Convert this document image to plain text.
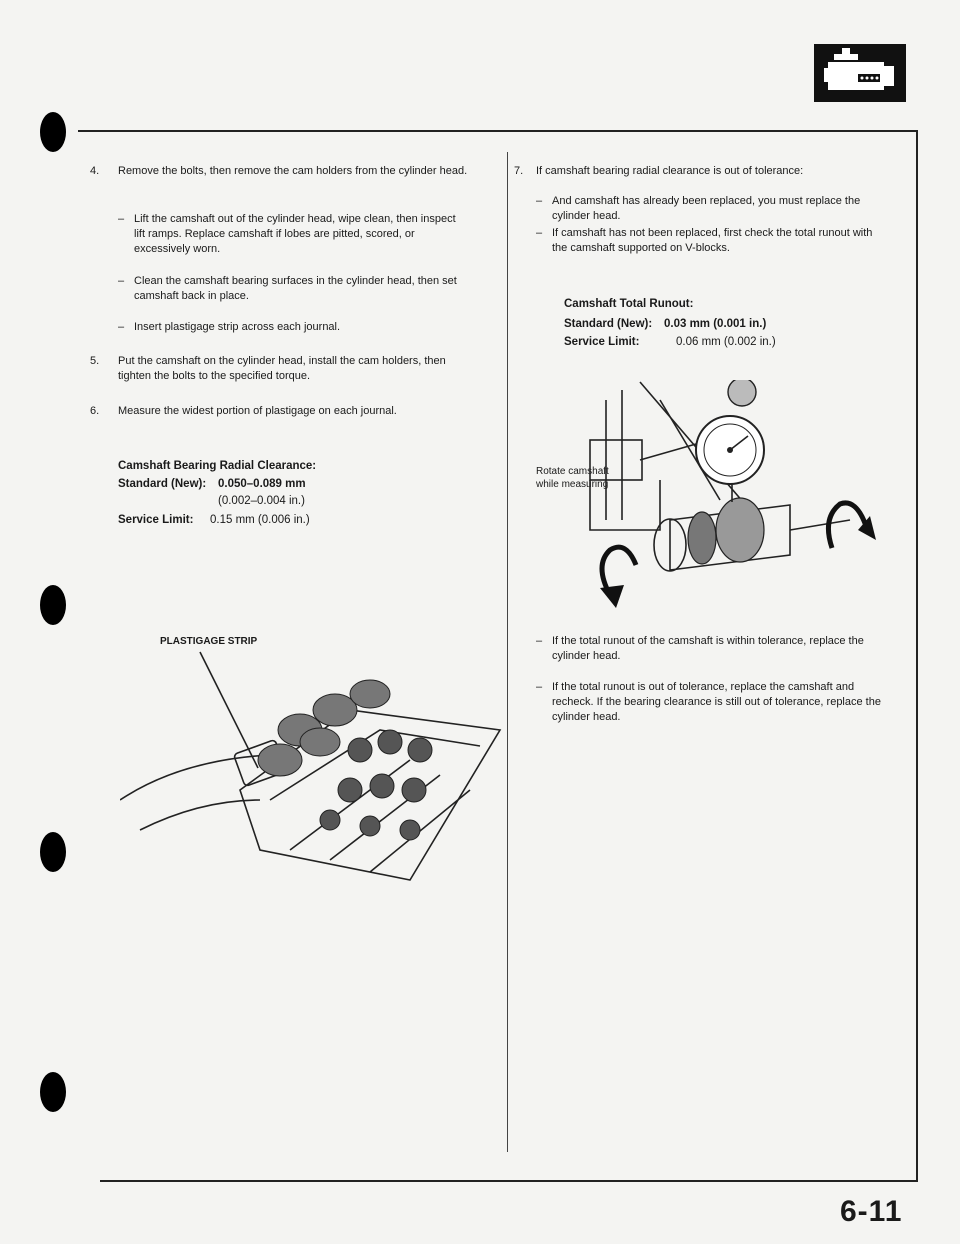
4. Remove the bolts, then remove the cam holders from the cylinder head.
– Lift the camshaft out of the cylinder head, wipe clean, then inspect lift ramps. Replace camshaft if lobes are pitted, scored, or excessively worn.
– Clean the camshaft bearing surfaces in the cylinder head, then set camshaft back in place.
– Insert plastigage strip across each journal.
5. Put the camshaft on the cylinder head, install the cam holders, then tighten the bolts to the specified torque.
6. Measure the widest portion of plastigage on each journal.
Camshaft Bearing Radial Clearance:
Standard (New): 0.050–0.089 mm
(0.002–0.004 in.)
Service Limit: 0.15 mm (0.006 in.)
PLASTIGAGE STRIP
7. If camshaft bearing radial clearance is out of tolerance:
– And camshaft has already been replaced, you must replace the cylinder head.
– If camshaft has not been replaced, first check the total runout with the camshaft supported on V-blocks.
Camshaft Total Runout:
Standard (New): 0.03 mm (0.001 in.)
Service Limit:	0.06 mm (0.002 in.)
Rotate camshaft
while measuring
– If the total runout of the camshaft is within tolerance, replace the cylinder head.
– If the total runout is out of tolerance, replace the camshaft and recheck. If the bearing clearance is still out of tolerance, replace the cylinder head.
6-11
